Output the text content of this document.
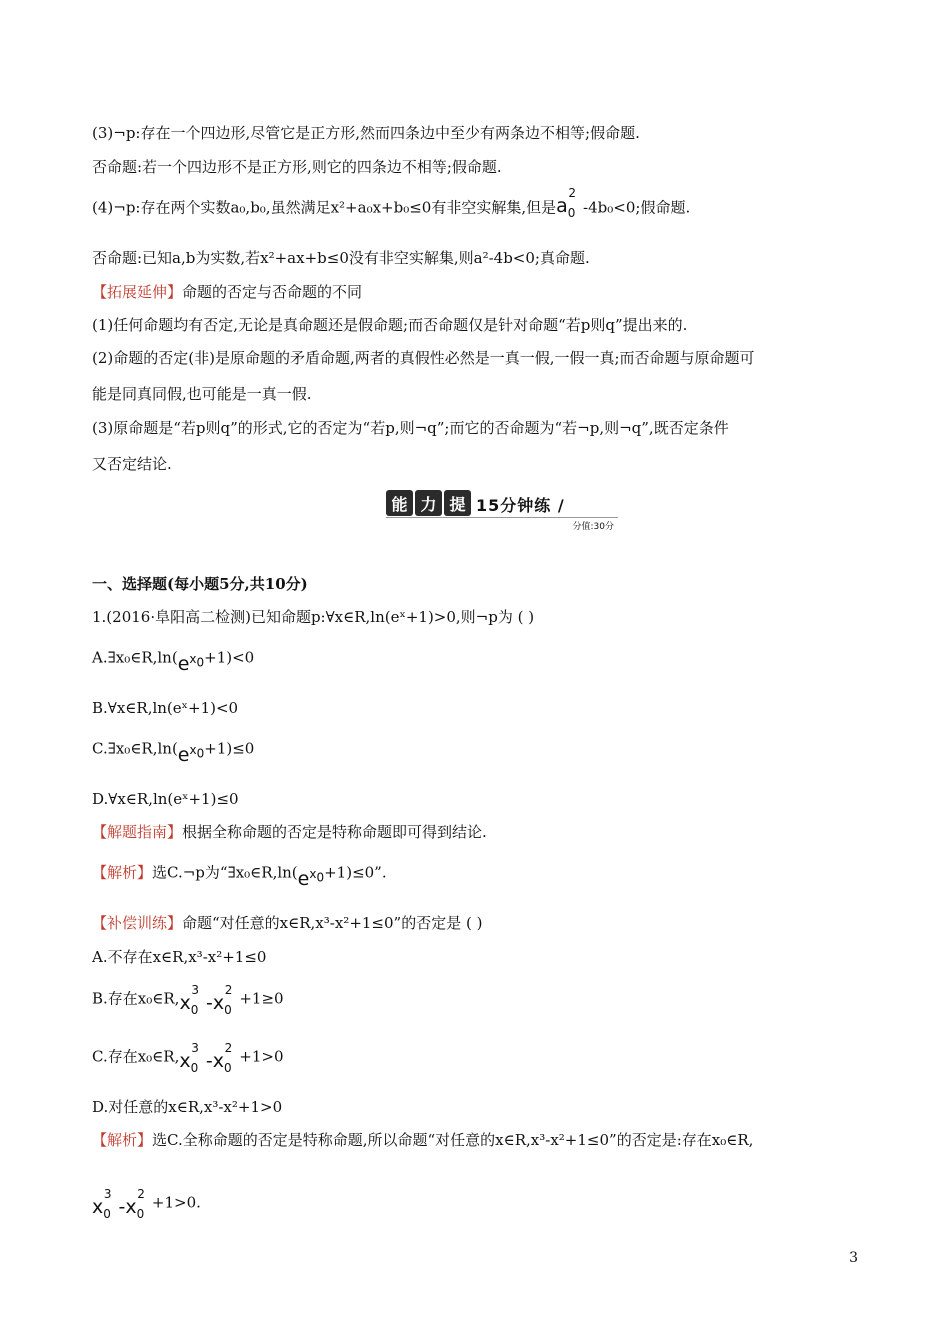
(3)¬p:存在一个四边形,尽管它是正方形,然而四条边中至少有两条边不相等;假命题.
否命题:若一个四边形不是正方形,则它的四条边不相等;假命题.
(4)¬p:存在两个实数a₀,b₀,虽然满足x²+a₀x+b₀≤0有非空实解集,但是$a_0^2-4b_0<0$;假命题.
否命题:已知a,b为实数,若x²+ax+b≤0没有非空实解集,则a²-4b<0;真命题.
【拓展延伸】命题的否定与否命题的不同
(1)任何命题均有否定,无论是真命题还是假命题;而否命题仅是针对命题“若p则q”提出来的.
(2)命题的否定(非)是原命题的矛盾命题,两者的真假性必然是一真一假,一假一真;而否命题与原命题可
能是同真同假,也可能是一真一假.
(3)原命题是“若p则q”的形式,它的否定为“若p,则¬q”;而它的否命题为“若¬p,则¬q”,既否定条件
又否定结论.
能 力 提 15分钟练 ∕
分值:30分
一、选择题(每小题5分,共10分)
1.(2016·阜阳高二检测)已知命题p:∀x∈R,ln(eˣ+1)>0,则¬p为 ( )
$A.\exists x_0\in R,\ln(e^{x_0}+1)<0$
B.∀x∈R,ln(eˣ+1)<0
$C.\exists x_0\in R,\ln(e^{x_0}+1)\le 0$
D.∀x∈R,ln(eˣ+1)≤0
【解题指南】根据全称命题的否定是特称命题即可得到结论.
【解析】选C.¬p为“$\exists x_0\in R,\ln(e^{x_0}+1)\le 0$”.
【补偿训练】命题“对任意的x∈R,x³-x²+1≤0”的否定是 ( )
A.不存在x∈R,x³-x²+1≤0
B.存在$x_0\in R,x_0^3-x_0^2 +1\ge 0$
C.存在$x_0\in R,x_0^3-x_0^2 +1>0$
D.对任意的x∈R,x³-x²+1>0
【解析】选C.全称命题的否定是特称命题,所以命题“对任意的x∈R,x³-x²+1≤0”的否定是:存在x₀∈R,
$x_0^3-x_0^2 +1>0$.
3
